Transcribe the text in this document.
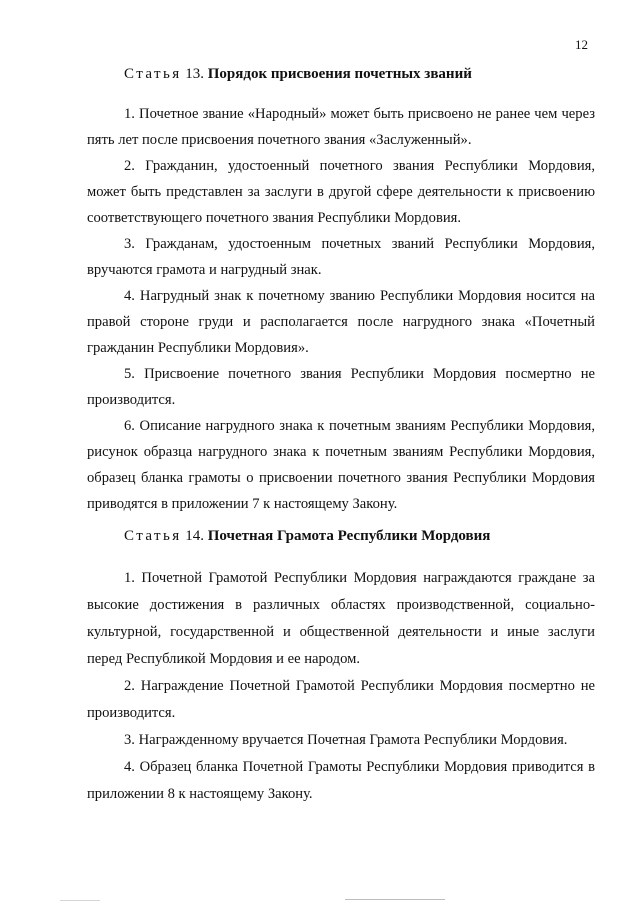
12

Статья 13. Порядок присвоения почетных званий

1. Почетное звание «Народный» может быть присвоено не ранее чем через пять лет после присвоения почетного звания «Заслуженный».

2. Гражданин, удостоенный почетного звания Республики Мордовия, может быть представлен за заслуги в другой сфере деятельности к присвоению соответствующего почетного звания Республики Мордовия.

3. Гражданам, удостоенным почетных званий Республики Мордовия, вручаются грамота и нагрудный знак.

4. Нагрудный знак к почетному званию Республики Мордовия носится на правой стороне груди и располагается после нагрудного знака «Почетный гражданин Республики Мордовия».

5. Присвоение почетного звания Республики Мордовия посмертно не производится.

6. Описание нагрудного знака к почетным званиям Республики Мордовия, рисунок образца нагрудного знака к почетным званиям Республики Мордовия, образец бланка грамоты о присвоении почетного звания Республики Мордовия приводятся в приложении 7 к настоящему Закону.

Статья 14. Почетная Грамота Республики Мордовия

1. Почетной Грамотой Республики Мордовия награждаются граждане за высокие достижения в различных областях производственной, социально-культурной, государственной и общественной деятельности и иные заслуги перед Республикой Мордовия и ее народом.

2. Награждение Почетной Грамотой Республики Мордовия посмертно не производится.

3. Награжденному вручается Почетная Грамота Республики Мордовия.

4. Образец бланка Почетной Грамоты Республики Мордовия приводится в приложении 8 к настоящему Закону.
